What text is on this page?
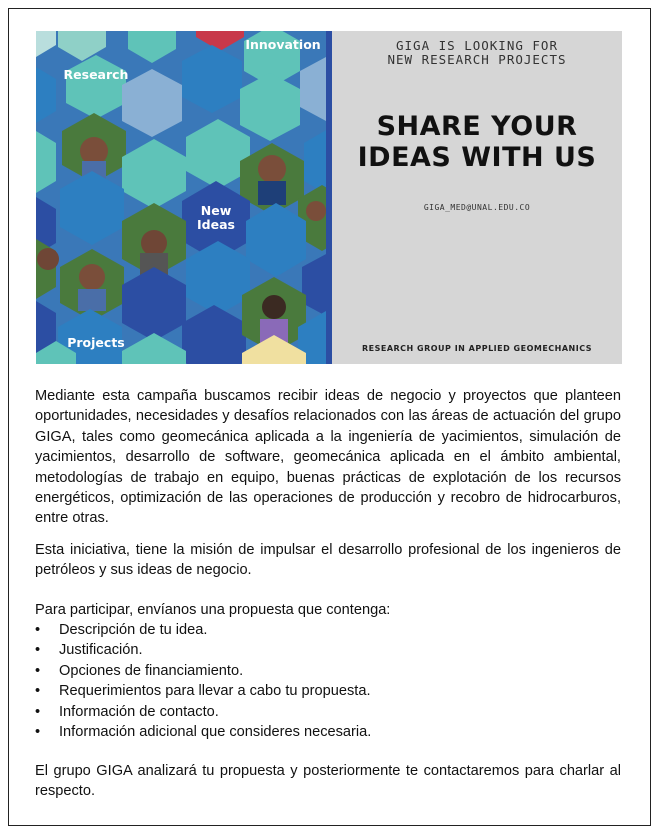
Innovation
Research
New
Ideas
Projects
GIGA IS LOOKING FOR
NEW RESEARCH PROJECTS
SHARE YOUR
IDEAS WITH US
GIGA_MED@UNAL.EDU.CO
RESEARCH GROUP IN APPLIED GEOMECHANICS
Mediante esta campaña buscamos recibir ideas de negocio y proyectos que planteen oportunidades, necesidades y desafíos relacionados con las áreas de actuación del grupo GIGA, tales como geomecánica aplicada a la ingeniería de yacimientos, simulación de yacimientos, desarrollo de software, geomecánica aplicada en el ámbito ambiental, metodologías de trabajo en equipo, buenas prácticas de explotación de los recursos energéticos, optimización de las operaciones de producción y recobro de hidrocarburos, entre otras.
Esta iniciativa, tiene la misión de impulsar el desarrollo profesional de los ingenieros de petróleos y sus ideas de negocio.
Para participar, envíanos una propuesta que contenga:
•	Descripción de tu idea.
•	Justificación.
•	Opciones de financiamiento.
•	Requerimientos para llevar a cabo tu propuesta.
•	Información de contacto.
•	Información adicional que consideres necesaria.
El grupo GIGA analizará tu propuesta y posteriormente te contactaremos para charlar al respecto.
